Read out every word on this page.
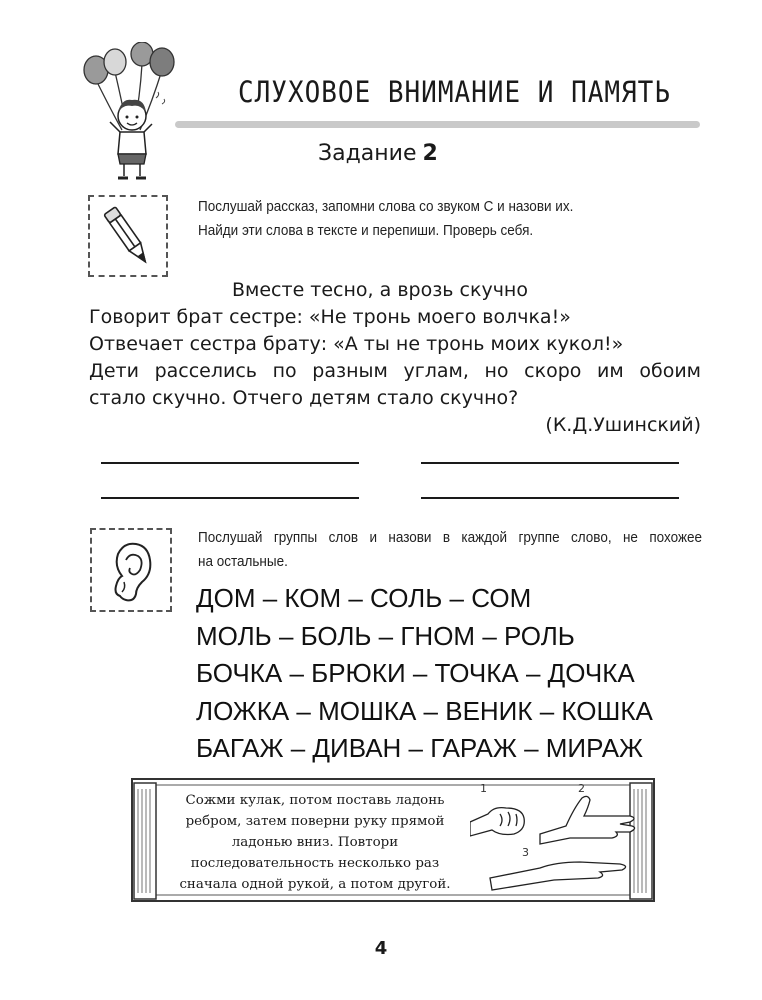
СЛУХОВОЕ ВНИМАНИЕ И ПАМЯТЬ
Задание 2
Послушай рассказ, запомни слова со звуком С и назови их.
Найди эти слова в тексте и перепиши. Проверь себя.
Вместе тесно, а врозь скучно
Говорит брат сестре: «Не тронь моего волчка!»
Отвечает сестра брату: «А ты не тронь моих кукол!»
Дети расселись по разным углам, но скоро им обоим
стало скучно. Отчего детям стало скучно?
(К.Д.Ушинский)
Послушай группы слов и назови в каждой группе слово, не похожее
на остальные.
ДОМ – КОМ – СОЛЬ – СОМ
МОЛЬ – БОЛЬ – ГНОМ – РОЛЬ
БОЧКА – БРЮКИ – ТОЧКА – ДОЧКА
ЛОЖКА – МОШКА – ВЕНИК – КОШКА
БАГАЖ – ДИВАН – ГАРАЖ – МИРАЖ
Сожми кулак, потом поставь ладонь
ребром, затем поверни руку прямой
ладонью вниз. Повтори
последовательность несколько раз
сначала одной рукой, а потом другой.
1	2
3
4
